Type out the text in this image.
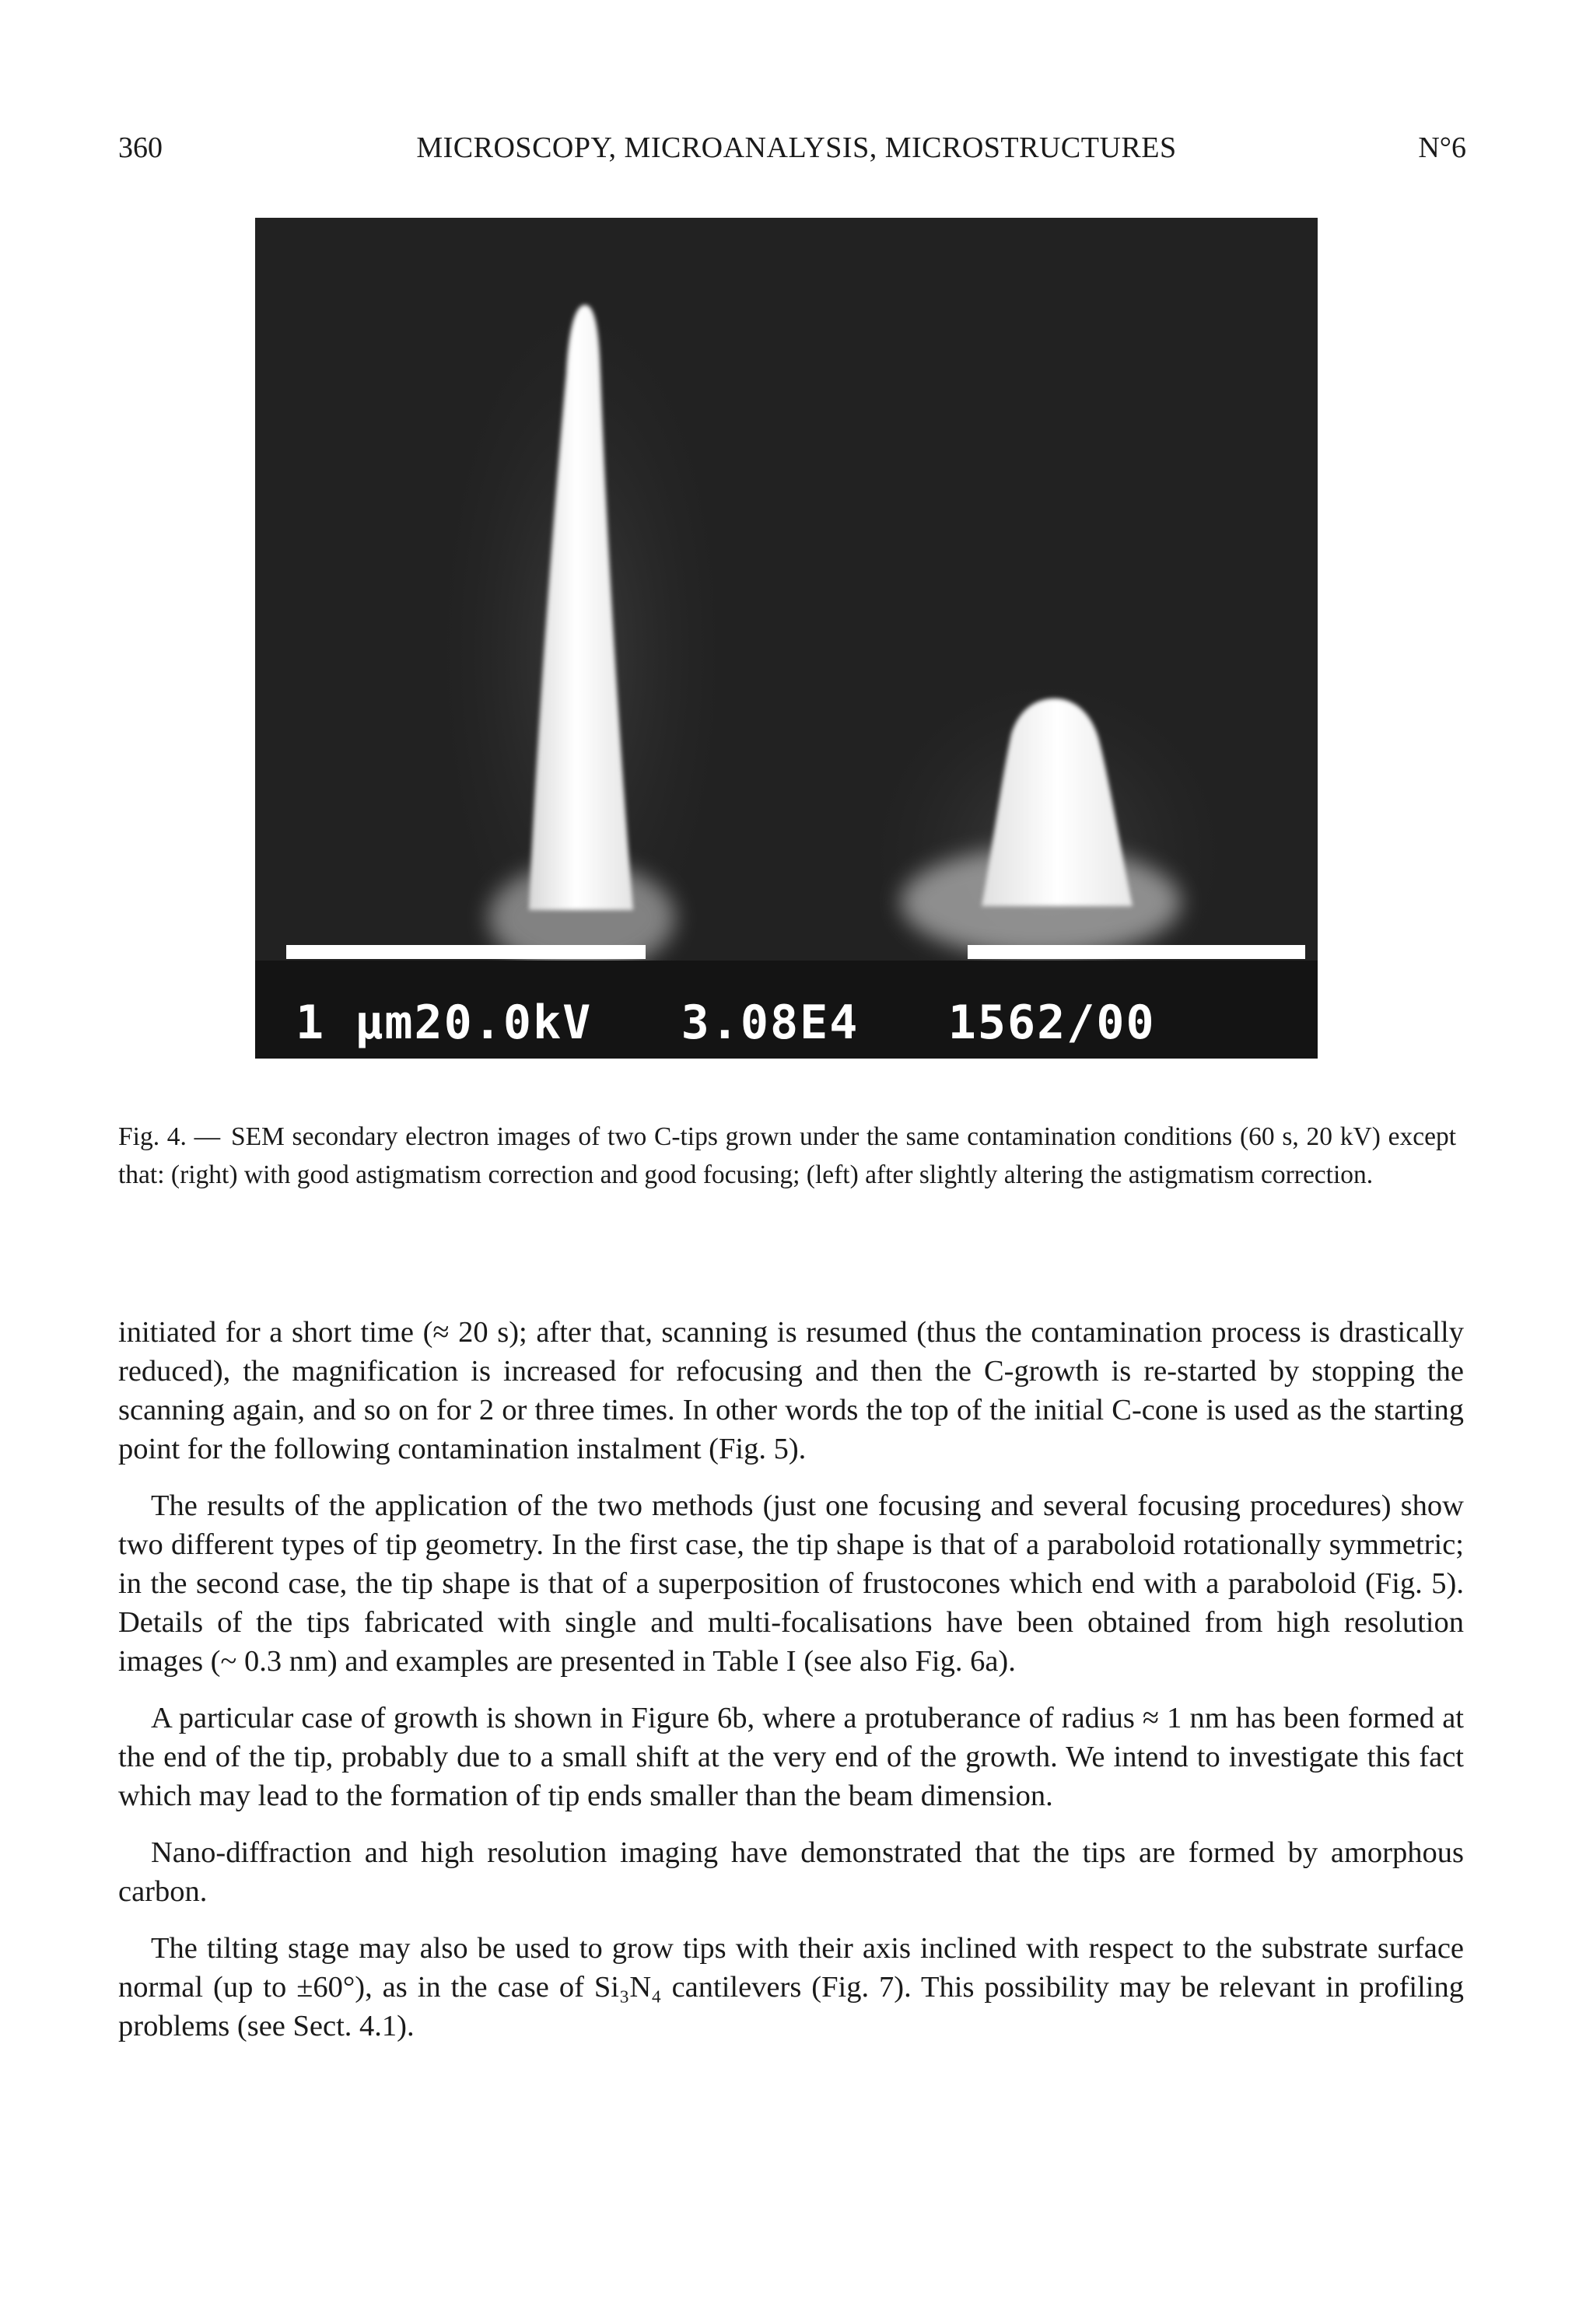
360	MICROSCOPY, MICROANALYSIS, MICROSTRUCTURES	N°6
1 μm20.0kV   3.08E4   1562/00
Fig. 4. — SEM secondary electron images of two C-tips grown under the same contamination conditions (60 s, 20 kV) except that: (right) with good astigmatism correction and good focusing; (left) after slightly altering the astigmatism correction.

initiated for a short time (≈ 20 s); after that, scanning is resumed (thus the contamination process is drastically reduced), the magnification is increased for refocusing and then the C-growth is re-started by stopping the scanning again, and so on for 2 or three times. In other words the top of the initial C-cone is used as the starting point for the following contamination instalment (Fig. 5).

The results of the application of the two methods (just one focusing and several focusing procedures) show two different types of tip geometry. In the first case, the tip shape is that of a paraboloid rotationally symmetric; in the second case, the tip shape is that of a superposition of frustocones which end with a paraboloid (Fig. 5). Details of the tips fabricated with single and multi-focalisations have been obtained from high resolution images (~ 0.3 nm) and examples are presented in Table I (see also Fig. 6a).

A particular case of growth is shown in Figure 6b, where a protuberance of radius ≈ 1 nm has been formed at the end of the tip, probably due to a small shift at the very end of the growth. We intend to investigate this fact which may lead to the formation of tip ends smaller than the beam dimension.

Nano-diffraction and high resolution imaging have demonstrated that the tips are formed by amorphous carbon.

The tilting stage may also be used to grow tips with their axis inclined with respect to the substrate surface normal (up to ±60°), as in the case of Si₃N₄ cantilevers (Fig. 7). This possibility may be relevant in profiling problems (see Sect. 4.1).
